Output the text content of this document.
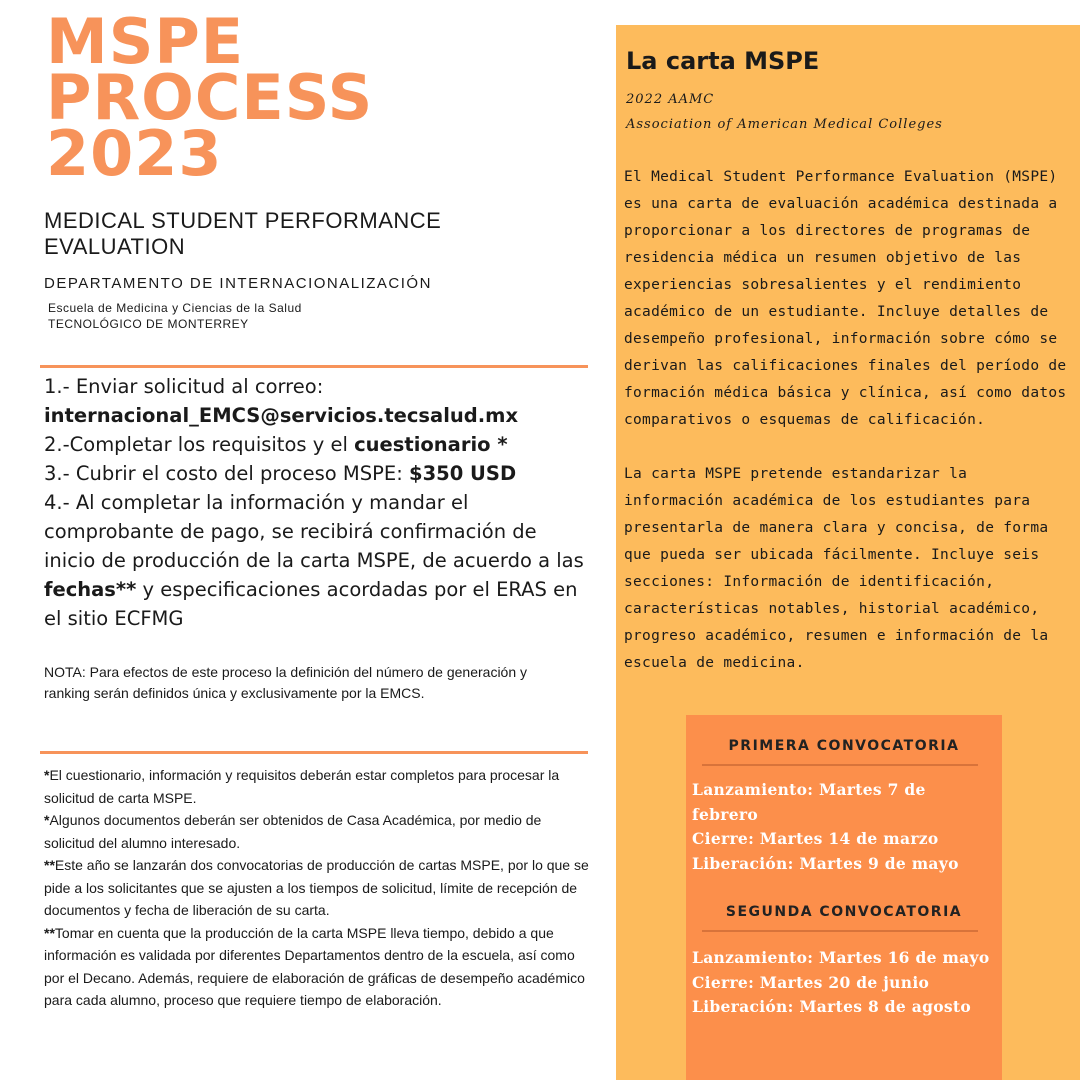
MSPE
PROCESS
2023
MEDICAL STUDENT PERFORMANCE EVALUATION
DEPARTAMENTO DE INTERNACIONALIZACIÓN
Escuela de Medicina y Ciencias de la Salud
TECNOLÓGICO DE MONTERREY
1.- Enviar solicitud al correo:
internacional_EMCS@servicios.tecsalud.mx
2.-Completar los requisitos y el cuestionario *
3.- Cubrir el costo del proceso MSPE: $350 USD
4.- Al completar la información y mandar el comprobante de pago, se recibirá confirmación de inicio de producción de la carta MSPE, de acuerdo a las fechas** y especificaciones acordadas por el ERAS en el sitio ECFMG
NOTA: Para efectos de este proceso la definición del número de generación y ranking serán definidos única y exclusivamente por la EMCS.
*El cuestionario, información y requisitos deberán estar completos para procesar la solicitud de carta MSPE.
*Algunos documentos deberán ser obtenidos de Casa Académica, por medio de solicitud del alumno interesado.
**Este año se lanzarán dos convocatorias de producción de cartas MSPE, por lo que se pide a los solicitantes que se ajusten a los tiempos de solicitud, límite de recepción de documentos y fecha de liberación de su carta.
**Tomar en cuenta que la producción de la carta MSPE lleva tiempo, debido a que información es validada por diferentes Departamentos dentro de la escuela, así como por el Decano. Además, requiere de elaboración de gráficas de desempeño académico para cada alumno, proceso que requiere tiempo de elaboración.
La carta MSPE
2022 AAMC
Association of American Medical Colleges

El Medical Student Performance Evaluation (MSPE) es una carta de evaluación académica destinada a proporcionar a los directores de programas de residencia médica un resumen objetivo de las experiencias sobresalientes y el rendimiento académico de un estudiante. Incluye detalles de desempeño profesional, información sobre cómo se derivan las calificaciones finales del período de formación médica básica y clínica, así como datos comparativos o esquemas de calificación.

La carta MSPE pretende estandarizar la información académica de los estudiantes para presentarla de manera clara y concisa, de forma que pueda ser ubicada fácilmente. Incluye seis secciones: Información de identificación, características notables, historial académico, progreso académico, resumen e información de la escuela de medicina.

PRIMERA CONVOCATORIA
Lanzamiento: Martes 7 de febrero
Cierre: Martes 14 de marzo
Liberación: Martes 9 de mayo
SEGUNDA CONVOCATORIA
Lanzamiento: Martes 16 de mayo
Cierre: Martes 20 de junio
Liberación: Martes 8 de agosto
